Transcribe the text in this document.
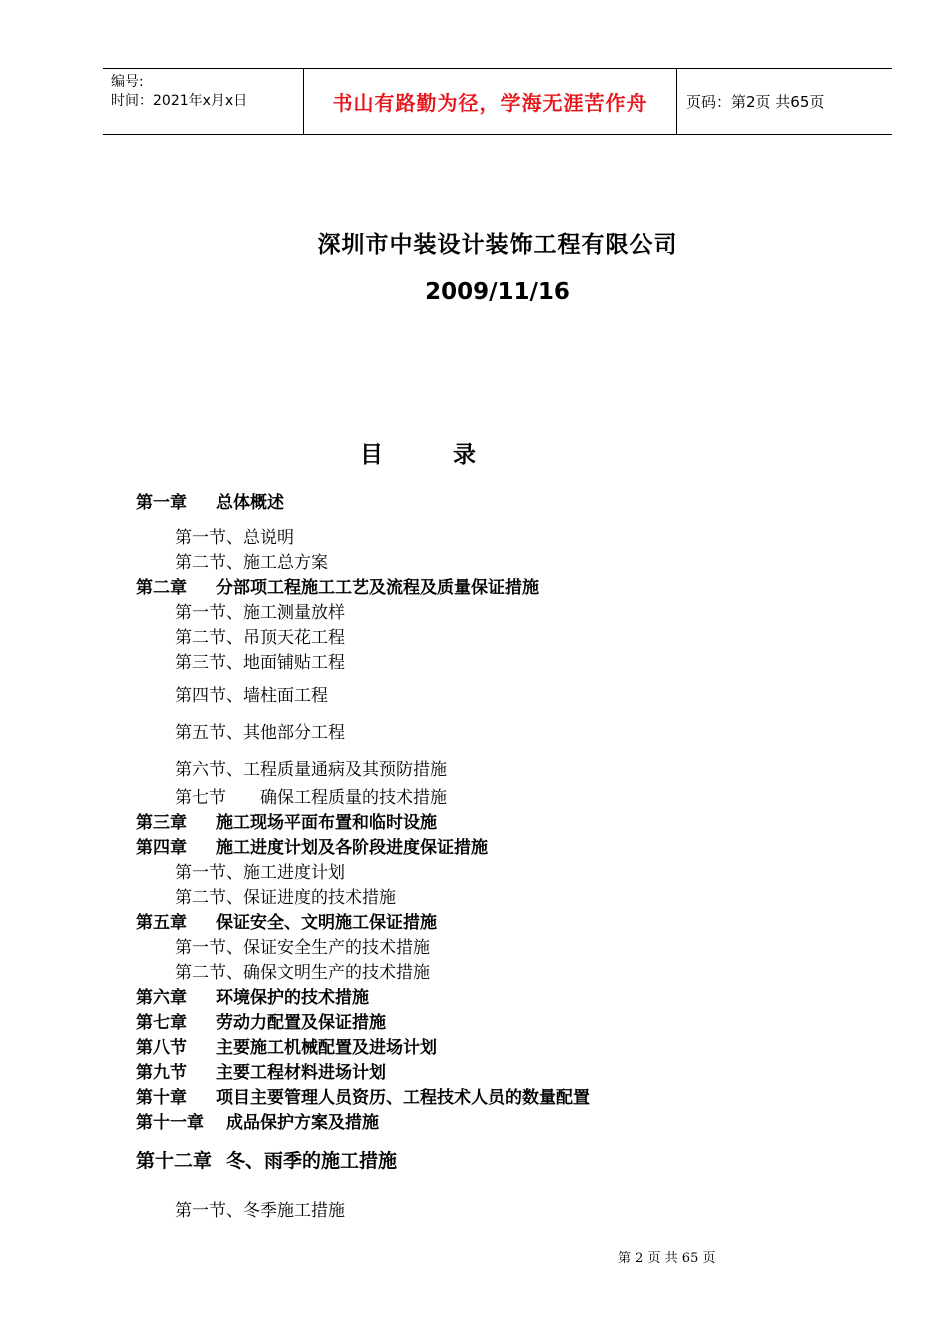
编号:
时间：2021年x月x日	书山有路勤为径，学海无涯苦作舟	页码：第2页 共65页
深圳市中装设计装饰工程有限公司
2009/11/16
目	录
第一章 总体概述
第一节、总说明
第二节、施工总方案
第二章 分部项工程施工工艺及流程及质量保证措施
第一节、施工测量放样
第二节、吊顶天花工程
第三节、地面铺贴工程
第四节、墙柱面工程
第五节、其他部分工程
第六节、工程质量通病及其预防措施
第七节　　确保工程质量的技术措施
第三章 施工现场平面布置和临时设施
第四章 施工进度计划及各阶段进度保证措施
第一节、施工进度计划
第二节、保证进度的技术措施
第五章 保证安全、文明施工保证措施
第一节、保证安全生产的技术措施
第二节、确保文明生产的技术措施
第六章 环境保护的技术措施
第七章 劳动力配置及保证措施
第八节 主要施工机械配置及进场计划
第九节 主要工程材料进场计划
第十章 项目主要管理人员资历、工程技术人员的数量配置
第十一章 成品保护方案及措施
第十二章 冬、雨季的施工措施
第一节、冬季施工措施
第 2 页 共 65 页
